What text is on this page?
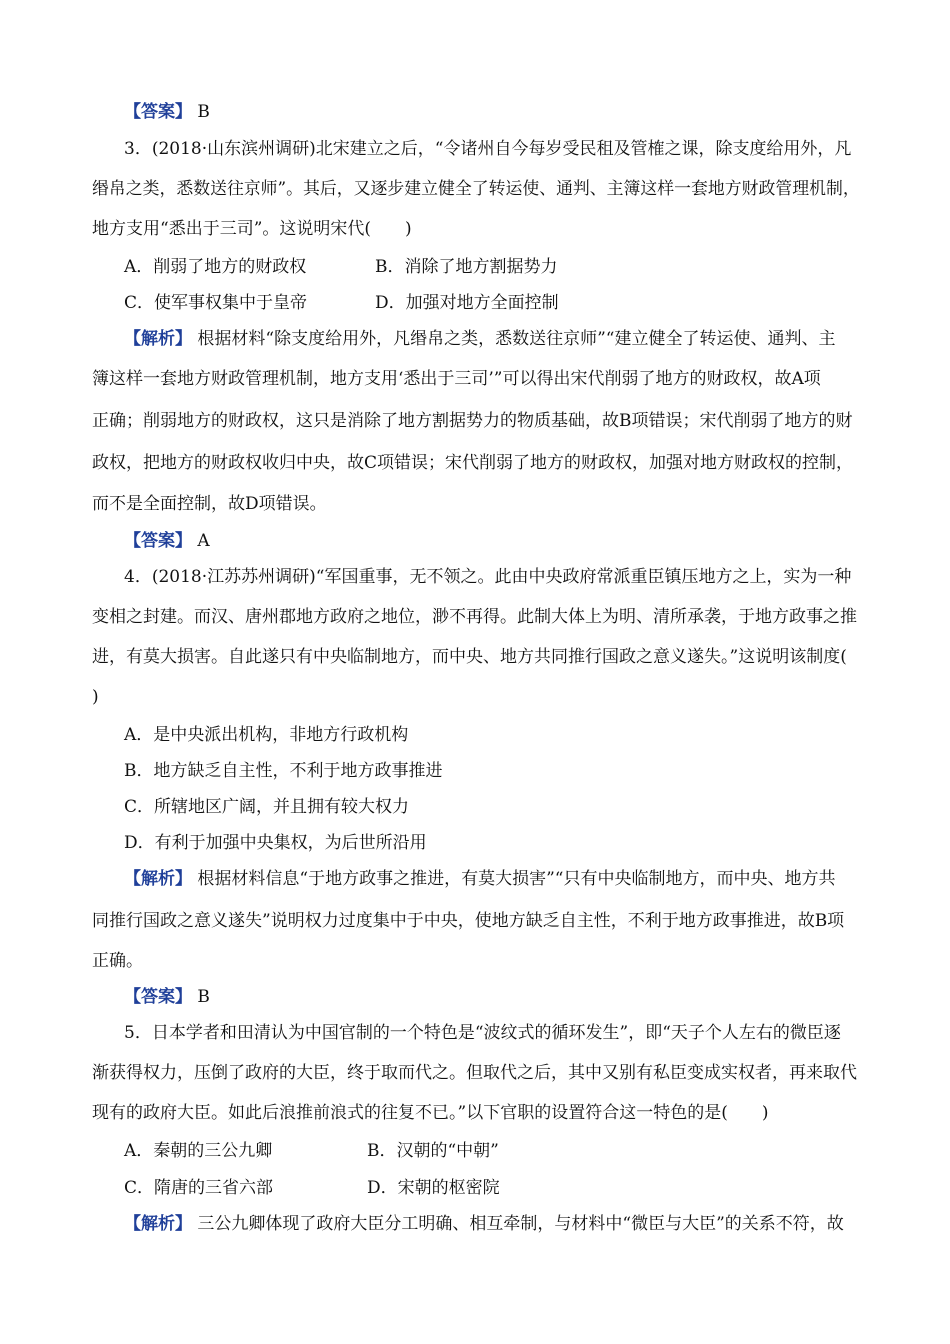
【答案】 B
3．(2018·山东滨州调研)北宋建立之后，“令诸州自今每岁受民租及管榷之课，除支度给用外，凡
缗帛之类，悉数送往京师”。其后，又逐步建立健全了转运使、通判、主簿这样一套地方财政管理机制，
地方支用“悉出于三司”。这说明宋代(　　)
A．削弱了地方的财政权	B．消除了地方割据势力
C．使军事权集中于皇帝	D．加强对地方全面控制
【解析】 根据材料“除支度给用外，凡缗帛之类，悉数送往京师”“建立健全了转运使、通判、主
簿这样一套地方财政管理机制，地方支用‘悉出于三司’”可以得出宋代削弱了地方的财政权，故A项
正确；削弱地方的财政权，这只是消除了地方割据势力的物质基础，故B项错误；宋代削弱了地方的财
政权，把地方的财政权收归中央，故C项错误；宋代削弱了地方的财政权，加强对地方财政权的控制，
而不是全面控制，故D项错误。
【答案】 A
4．(2018·江苏苏州调研)“军国重事，无不领之。此由中央政府常派重臣镇压地方之上，实为一种
变相之封建。而汉、唐州郡地方政府之地位，渺不再得。此制大体上为明、清所承袭，于地方政事之推
进，有莫大损害。自此遂只有中央临制地方，而中央、地方共同推行国政之意义遂失。”这说明该制度(
)
A．是中央派出机构，非地方行政机构
B．地方缺乏自主性，不利于地方政事推进
C．所辖地区广阔，并且拥有较大权力
D．有利于加强中央集权，为后世所沿用
【解析】 根据材料信息“于地方政事之推进，有莫大损害”“只有中央临制地方，而中央、地方共
同推行国政之意义遂失”说明权力过度集中于中央，使地方缺乏自主性，不利于地方政事推进，故B项
正确。
【答案】 B
5．日本学者和田清认为中国官制的一个特色是“波纹式的循环发生”，即“天子个人左右的微臣逐
渐获得权力，压倒了政府的大臣，终于取而代之。但取代之后，其中又别有私臣变成实权者，再来取代
现有的政府大臣。如此后浪推前浪式的往复不已。”以下官职的设置符合这一特色的是(　　)
A．秦朝的三公九卿	B．汉朝的“中朝”
C．隋唐的三省六部	D．宋朝的枢密院
【解析】 三公九卿体现了政府大臣分工明确、相互牵制，与材料中“微臣与大臣”的关系不符，故
